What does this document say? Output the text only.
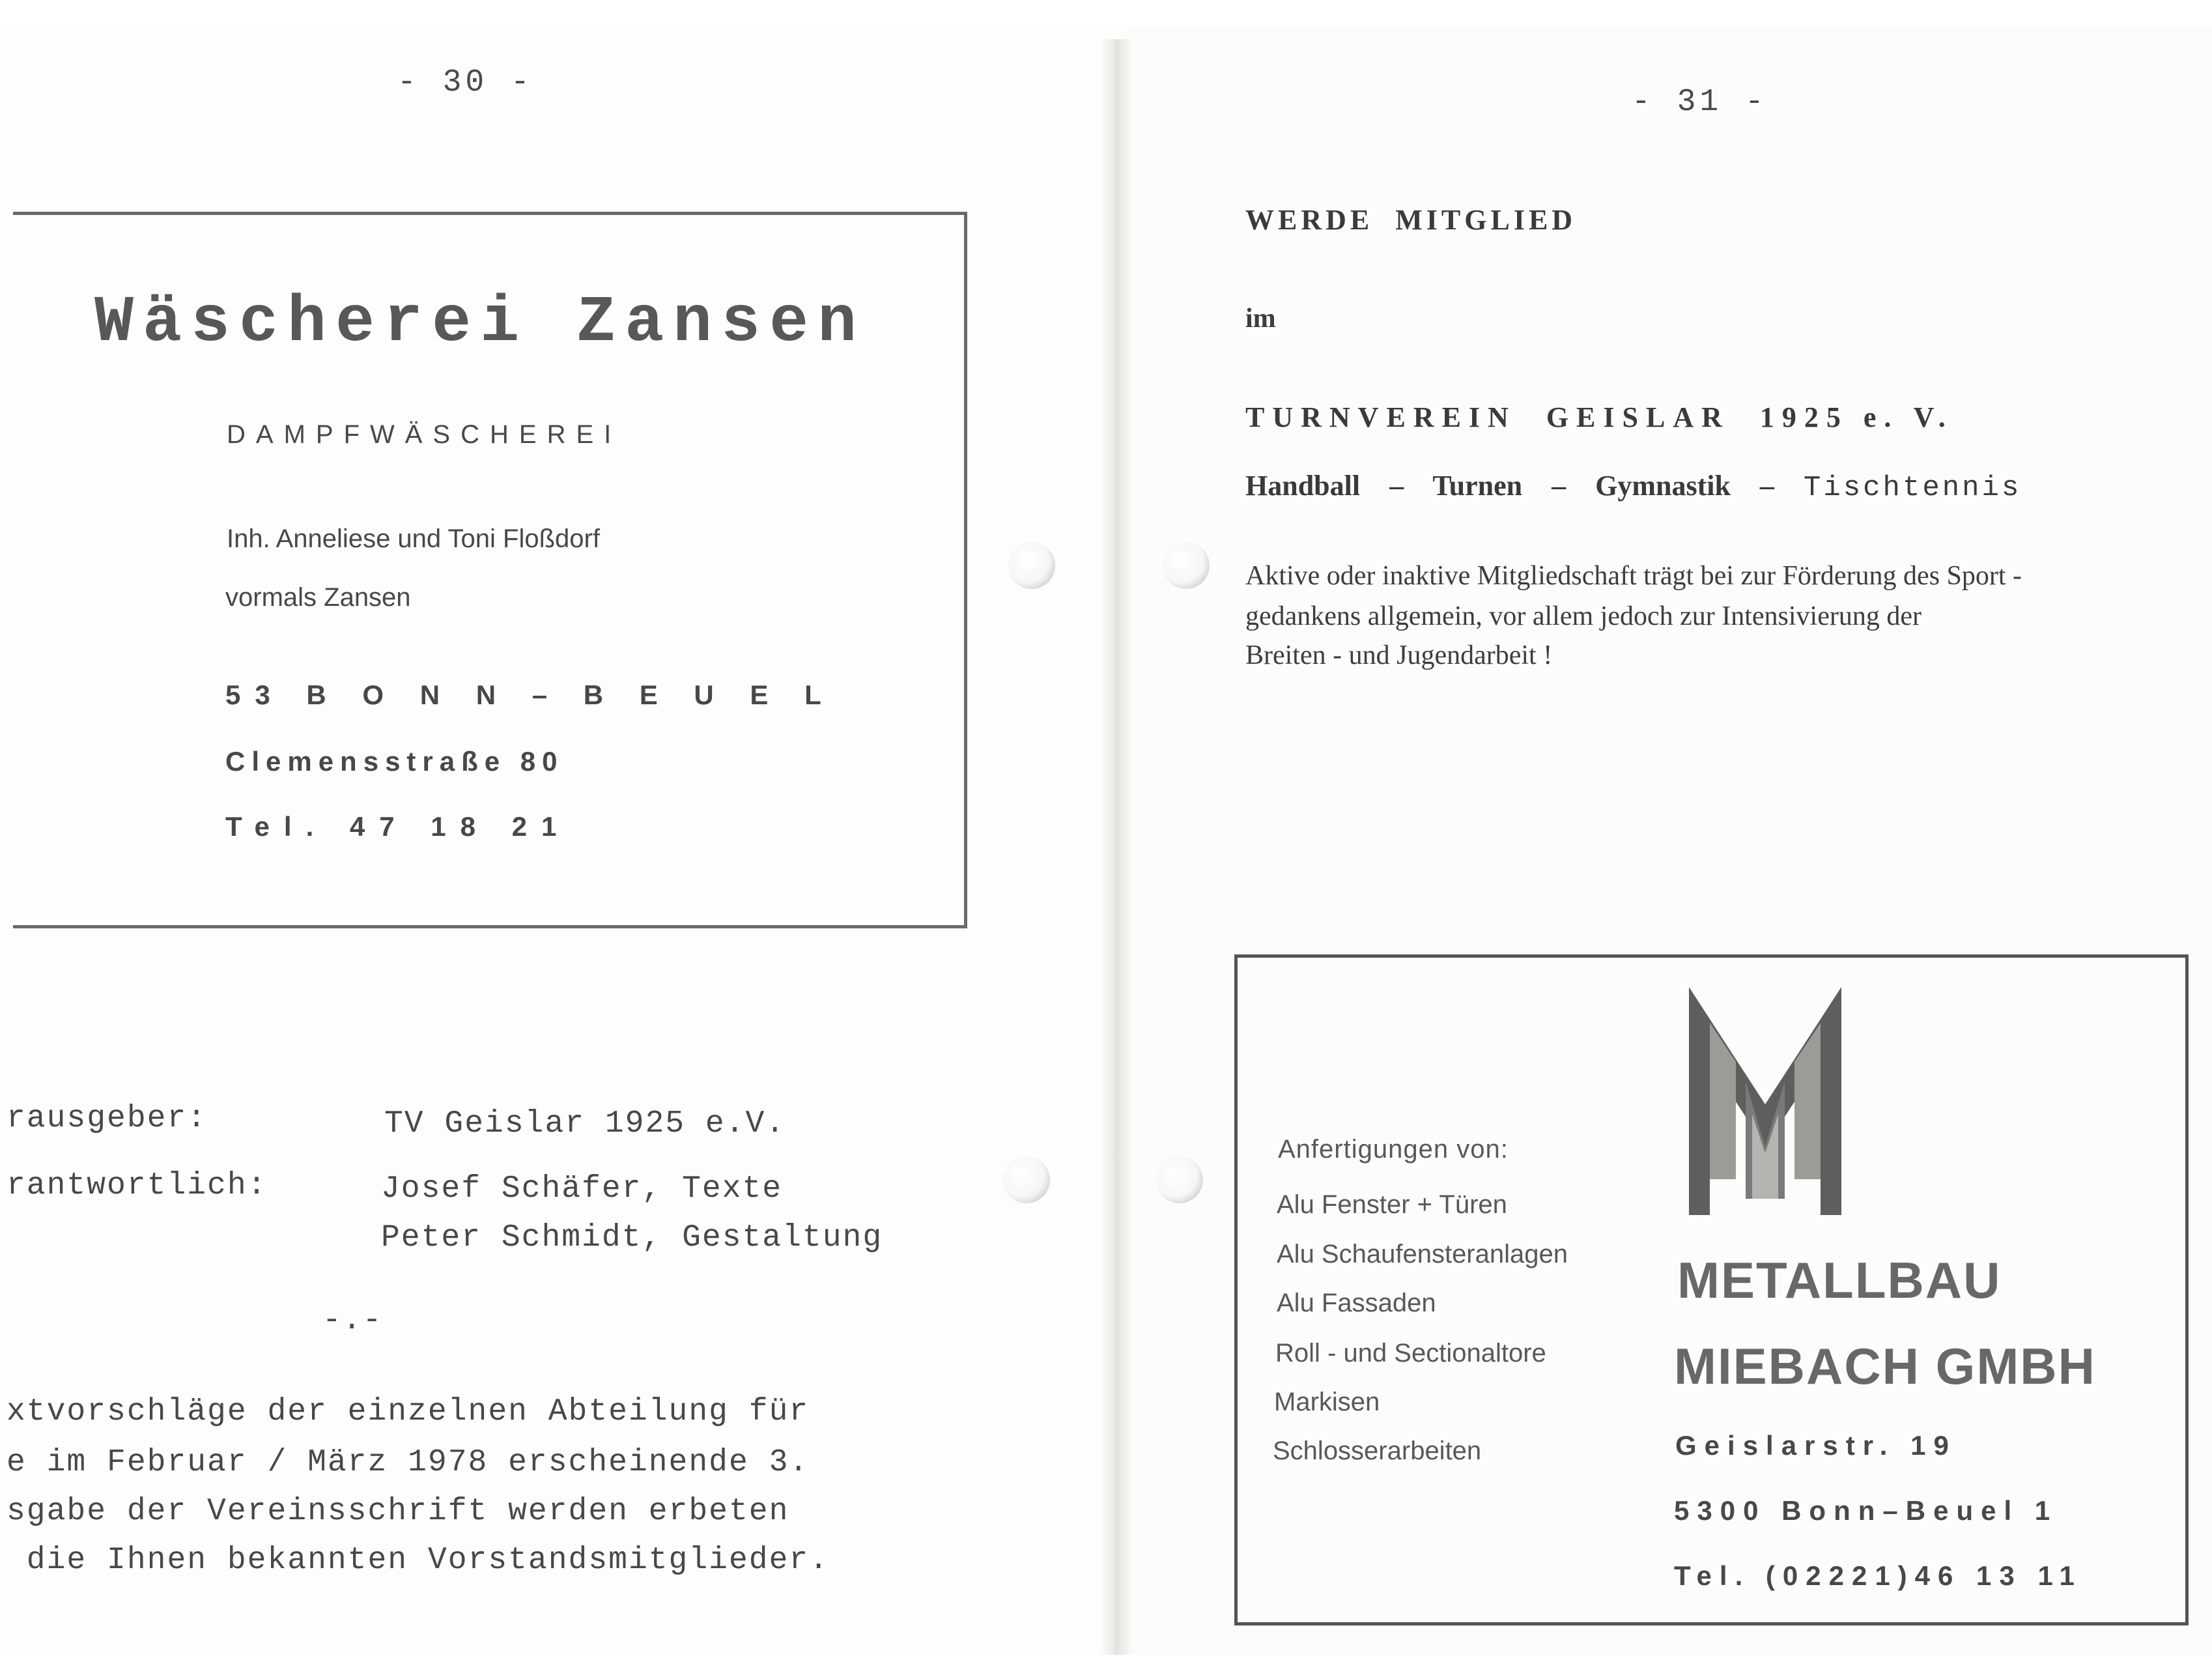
- 30 -
Wäscherei Zansen
DAMPFWÄSCHEREI
Inh. Anneliese und Toni Floßdorf
vormals Zansen
53 B O N N – B E U E L
Clemensstraße 80
Tel. 47 18 21
rausgeber:	TV Geislar 1925 e.V.
rantwortlich:	Josef Schäfer, Texte
Peter Schmidt, Gestaltung
-.-
xtvorschläge der einzelnen Abteilung für
e im Februar / März 1978 erscheinende 3.
sgabe der Vereinsschrift werden erbeten
die Ihnen bekannten Vorstandsmitglieder.
- 31 -
WERDE  MITGLIED
im
TURNVEREIN  GEISLAR  1925 e. V.
Handball – Turnen – Gymnastik – Tischtennis
Aktive oder inaktive Mitgliedschaft trägt bei zur Förderung des Sport -
gedankens allgemein, vor allem jedoch zur Intensivierung der
Breiten - und Jugendarbeit !
Anfertigungen von:
Alu Fenster + Türen
Alu Schaufensteranlagen
Alu Fassaden
Roll - und Sectionaltore
Markisen
Schlosserarbeiten
METALLBAU
MIEBACH GMBH
Geislarstr. 19
5300 Bonn–Beuel 1
Tel. (02221)46 13 11
